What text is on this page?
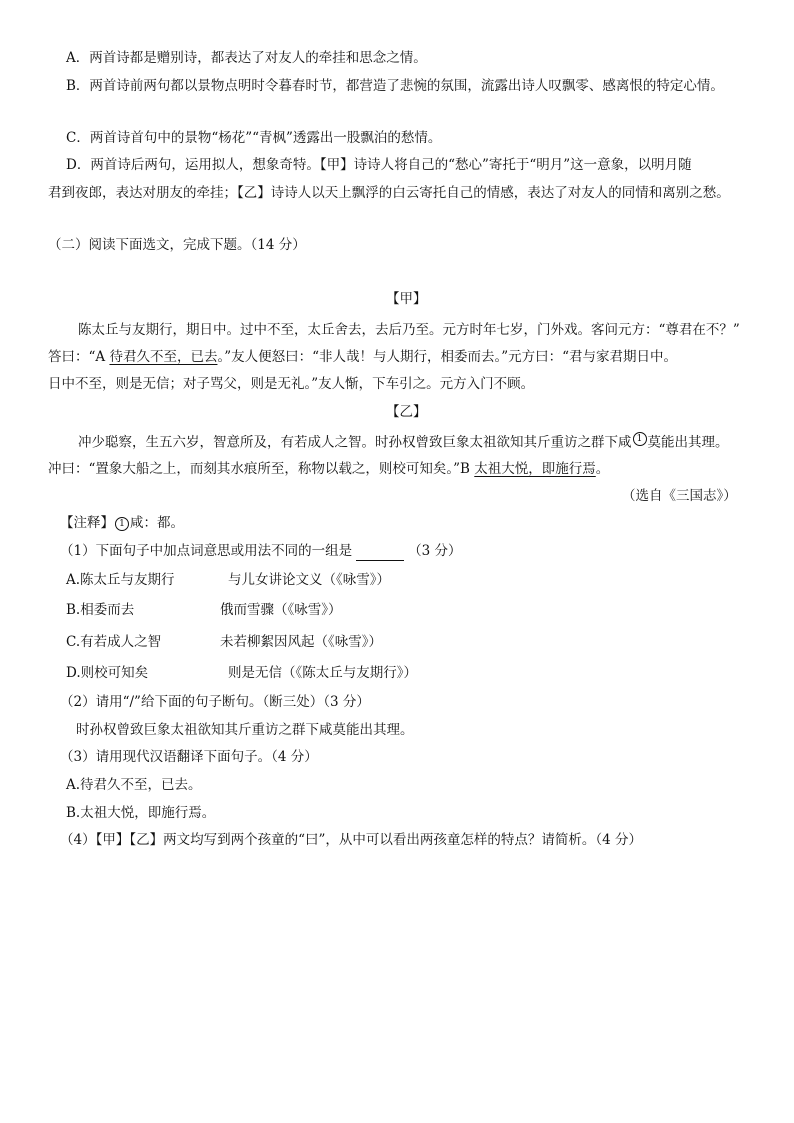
A．两首诗都是赠别诗，都表达了对友人的牵挂和思念之情。
B．两首诗前两句都以景物点明时令暮春时节，都营造了悲惋的氛围，流露出诗人叹飘零、感离恨的特定心情。
C．两首诗首句中的景物“杨花”“青枫”透露出一股飘泊的愁情。
D．两首诗后两句，运用拟人，想象奇特。【甲】诗诗人将自己的“愁心”寄托于“明月”这一意象，以明月随
君到夜郎，表达对朋友的牵挂；【乙】诗诗人以天上飘浮的白云寄托自己的情感，表达了对友人的同情和离别之愁。
（二）阅读下面选文，完成下题。（14 分）
【甲】
陈太丘与友期行，期日中。过中不至，太丘舍去，去后乃至。元方时年七岁，门外戏。客问元方：“尊君在不？”
答曰：“A 待君久不至，已去。”友人便怒曰：“非人哉！与人期行，相委而去。”元方曰：“君与家君期日中。
日中不至，则是无信；对子骂父，则是无礼。”友人惭，下车引之。元方入门不顾。
【乙】
冲少聪察，生五六岁，智意所及，有若成人之智。时孙权曾致巨象太祖欲知其斤重访之群下咸 1 莫能出其理。
冲曰：“置象大船之上，而刻其水痕所至，称物以载之，则校可知矣。”B 太祖大悦，即施行焉。
（选自《三国志》）
【注释】 1 咸：都。
（1）下面句子中加点词意思或用法不同的一组是	（3 分）
A.陈太丘与友期行	与儿女讲论文义（《咏雪》）
B.相委而去	俄而雪骤（《咏雪》）
C.有若成人之智	未若柳絮因风起（《咏雪》）
D.则校可知矣	则是无信（《陈太丘与友期行》）
（2）请用“/”给下面的句子断句。（断三处）（3 分）
时孙权曾致巨象太祖欲知其斤重访之群下咸莫能出其理。
（3）请用现代汉语翻译下面句子。（4 分）
A.待君久不至，已去。
B.太祖大悦，即施行焉。
（4）【甲】【乙】两文均写到两个孩童的“曰”，从中可以看出两孩童怎样的特点？请简析。（4 分）
